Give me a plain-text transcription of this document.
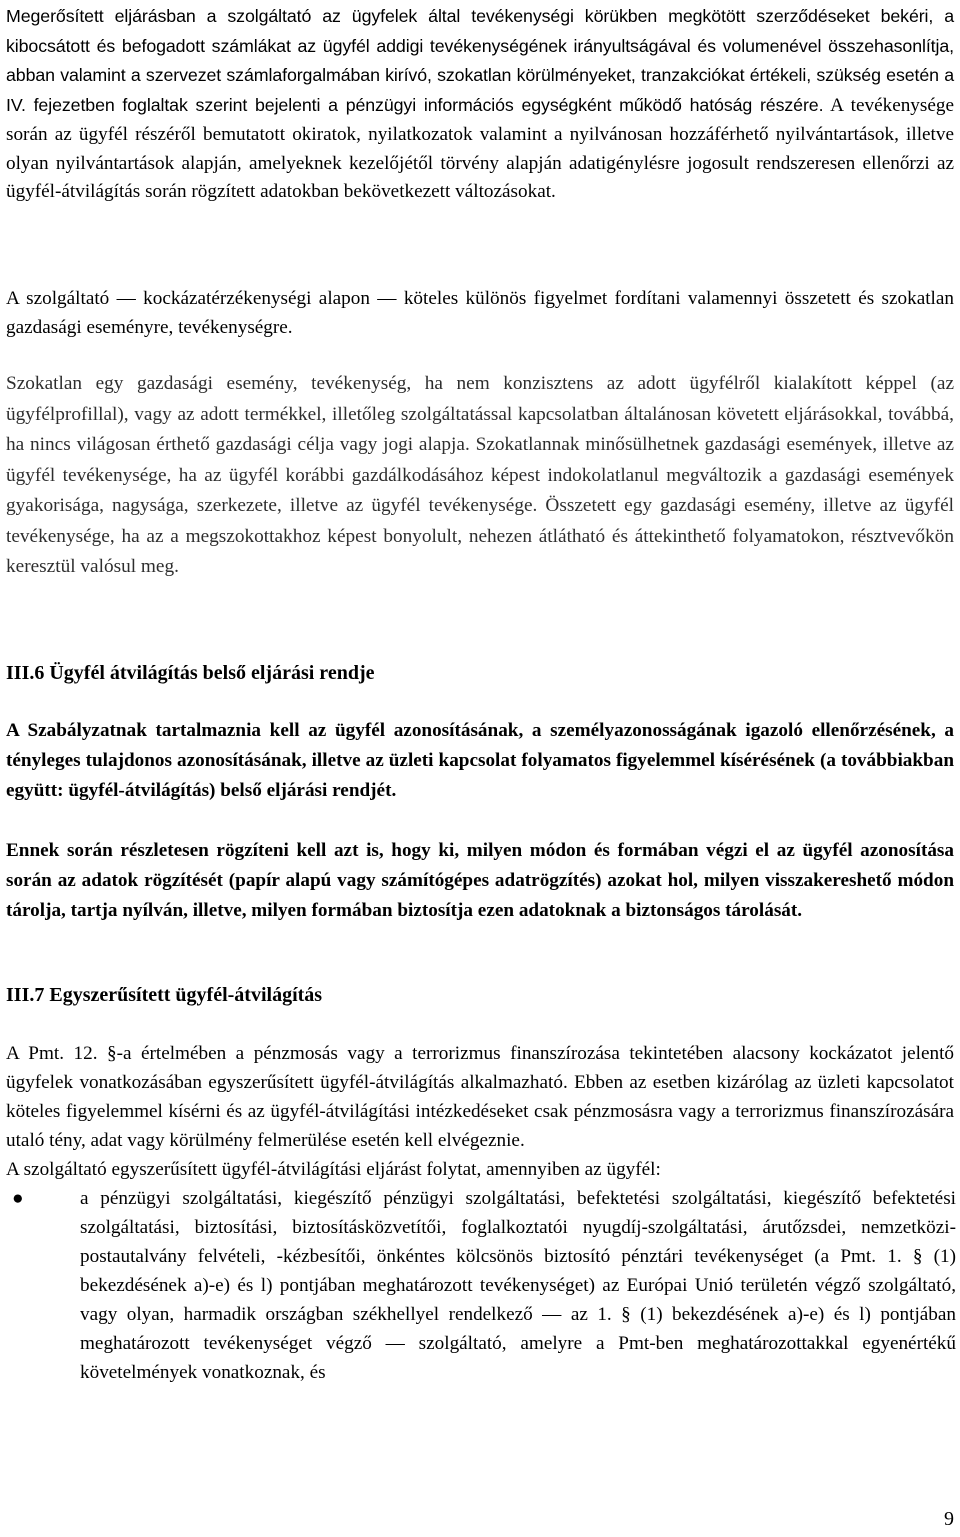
Megerősített eljárásban a szolgáltató az ügyfelek által tevékenységi körükben megkötött szerződéseket bekéri, a kibocsátott és befogadott számlákat az ügyfél addigi tevékenységének irányultságával és volumenével összehasonlítja, abban valamint a szervezet számlaforgalmában kirívó, szokatlan körülményeket, tranzakciókat értékeli, szükség esetén a IV. fejezetben foglaltak szerint bejelenti a pénzügyi információs egységként működő hatóság részére. A tevékenysége során az ügyfél részéről bemutatott okiratok, nyilatkozatok valamint a nyilvánosan hozzáférhető nyilvántartások, illetve olyan nyilvántartások alapján, amelyeknek kezelőjétől törvény alapján adatigénylésre jogosult rendszeresen ellenőrzi az ügyfél-átvilágítás során rögzített adatokban bekövetkezett változásokat.

A szolgáltató ― kockázatérzékenységi alapon ― köteles különös figyelmet fordítani valamennyi összetett és szokatlan gazdasági eseményre, tevékenységre.

Szokatlan egy gazdasági esemény, tevékenység, ha nem konzisztens az adott ügyfélről kialakított képpel (az ügyfélprofillal), vagy az adott termékkel, illetőleg szolgáltatással kapcsolatban általánosan követett eljárásokkal, továbbá, ha nincs világosan érthető gazdasági célja vagy jogi alapja. Szokatlannak minősülhetnek gazdasági események, illetve az ügyfél tevékenysége, ha az ügyfél korábbi gazdálkodásához képest indokolatlanul megváltozik a gazdasági események gyakorisága, nagysága, szerkezete, illetve az ügyfél tevékenysége. Összetett egy gazdasági esemény, illetve az ügyfél tevékenysége, ha az a megszokottakhoz képest bonyolult, nehezen átlátható és áttekinthető folyamatokon, résztvevőkön keresztül valósul meg.

III.6 Ügyfél átvilágítás belső eljárási rendje

A Szabályzatnak tartalmaznia kell az ügyfél azonosításának, a személyazonosságának igazoló ellenőrzésének, a tényleges tulajdonos azonosításának, illetve az üzleti kapcsolat folyamatos figyelemmel kísérésének (a továbbiakban együtt: ügyfél-átvilágítás) belső eljárási rendjét.

Ennek során részletesen rögzíteni kell azt is, hogy ki, milyen módon és formában végzi el az ügyfél azonosítása során az adatok rögzítését (papír alapú vagy számítógépes adatrögzítés) azokat hol, milyen visszakereshető módon tárolja, tartja nyílván, illetve, milyen formában biztosítja ezen adatoknak a biztonságos tárolását.

III.7 Egyszerűsített ügyfél-átvilágítás

A Pmt. 12. §-a értelmében a pénzmosás vagy a terrorizmus finanszírozása tekintetében alacsony kockázatot jelentő ügyfelek vonatkozásában egyszerűsített ügyfél-átvilágítás alkalmazható. Ebben az esetben kizárólag az üzleti kapcsolatot köteles figyelemmel kísérni és az ügyfél-átvilágítási intézkedéseket csak pénzmosásra vagy a terrorizmus finanszírozására utaló tény, adat vagy körülmény felmerülése esetén kell elvégeznie.

A szolgáltató egyszerűsített ügyfél-átvilágítási eljárást folytat, amennyiben az ügyfél:

●	a pénzügyi szolgáltatási, kiegészítő pénzügyi szolgáltatási, befektetési szolgáltatási, kiegészítő befektetési szolgáltatási, biztosítási, biztosításközvetítői, foglalkoztatói nyugdíj-szolgáltatási, árutőzsdei, nemzetközi-postautalvány felvételi, -kézbesítői, önkéntes kölcsönös biztosító pénztári tevékenységet (a Pmt. 1. § (1) bekezdésének a)-e) és l) pontjában meghatározott tevékenységet) az Európai Unió területén végző szolgáltató, vagy olyan, harmadik országban székhellyel rendelkező ― az 1. § (1) bekezdésének a)-e) és l) pontjában meghatározott tevékenységet végző ― szolgáltató, amelyre a Pmt-ben meghatározottakkal egyenértékű követelmények vonatkoznak, és

9
